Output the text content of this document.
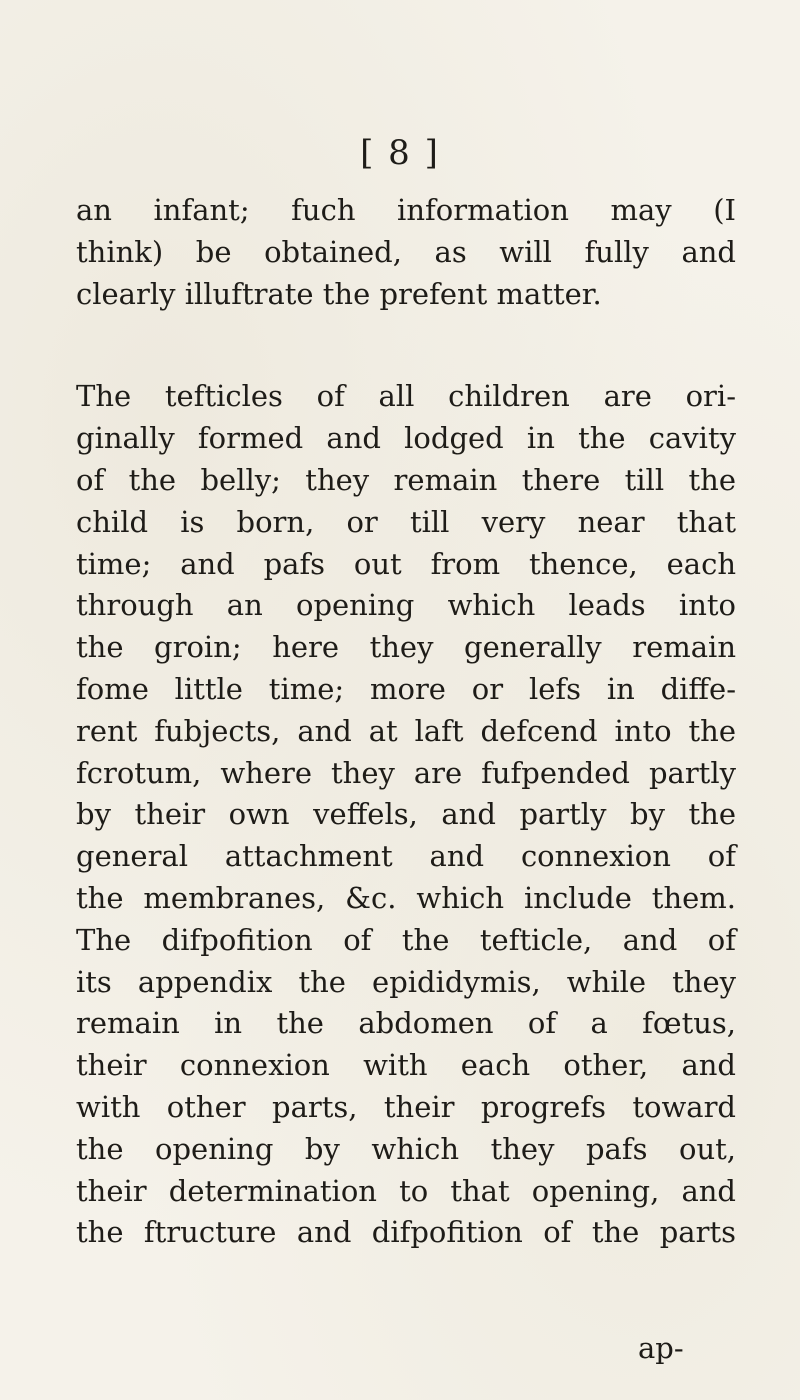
[ 8 ]
an infant; fuch information may (I
think) be obtained, as will fully and
clearly illuftrate the prefent matter.
The tefticles of all children are ori-
ginally formed and lodged in the cavity
of the belly; they remain there till the
child is born, or till very near that
time; and pafs out from thence, each
through an opening which leads into
the groin; here they generally remain
fome little time; more or lefs in diffe-
rent fubjects, and at laft defcend into the
fcrotum, where they are fufpended partly
by their own veffels, and partly by the
general attachment and connexion of
the membranes, &c. which include them.
The difpofition of the tefticle, and of
its appendix the epididymis, while they
remain in the abdomen of a fœtus,
their connexion with each other, and
with other parts, their progrefs toward
the opening by which they pafs out,
their determination to that opening, and
the ftructure and difpofition of the parts
ap-
